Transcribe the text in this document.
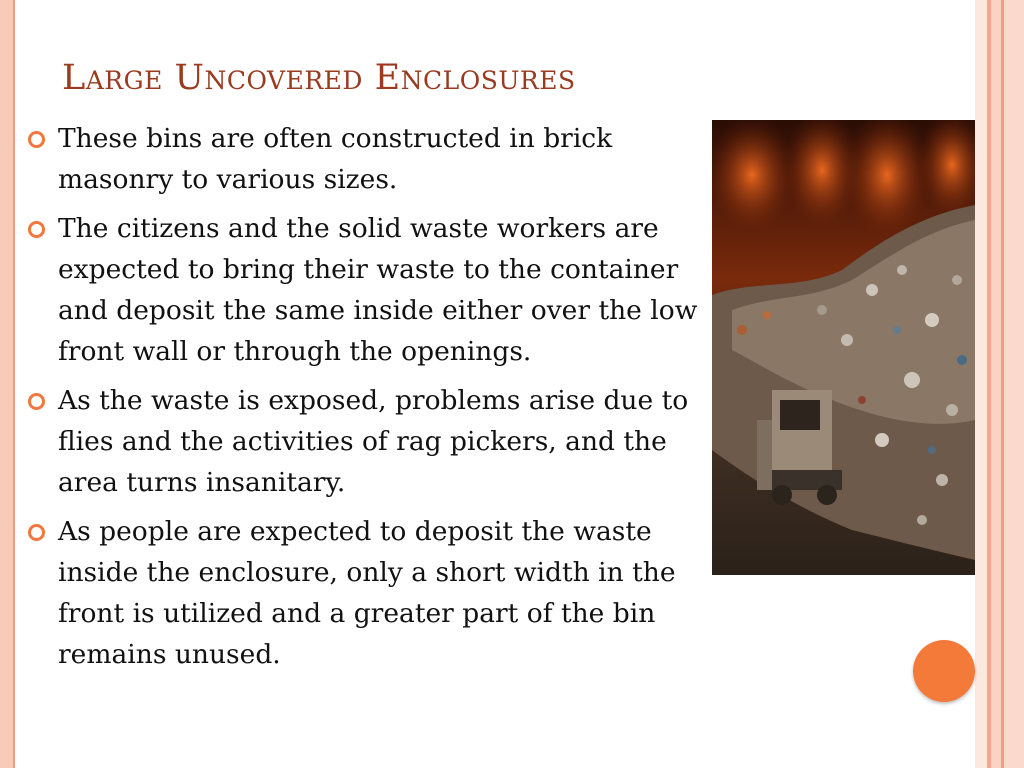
Large Uncovered Enclosures
These bins are often constructed in brick masonry to various sizes.
The citizens and the solid waste workers are expected to bring their waste to the container and deposit the same inside either over the low front wall or through the openings.
As the waste is exposed, problems arise due to flies and the activities of rag pickers, and the area turns insanitary.
As people are expected to deposit the waste inside the enclosure, only a short width in the front is utilized and a greater part of the bin remains unused.
